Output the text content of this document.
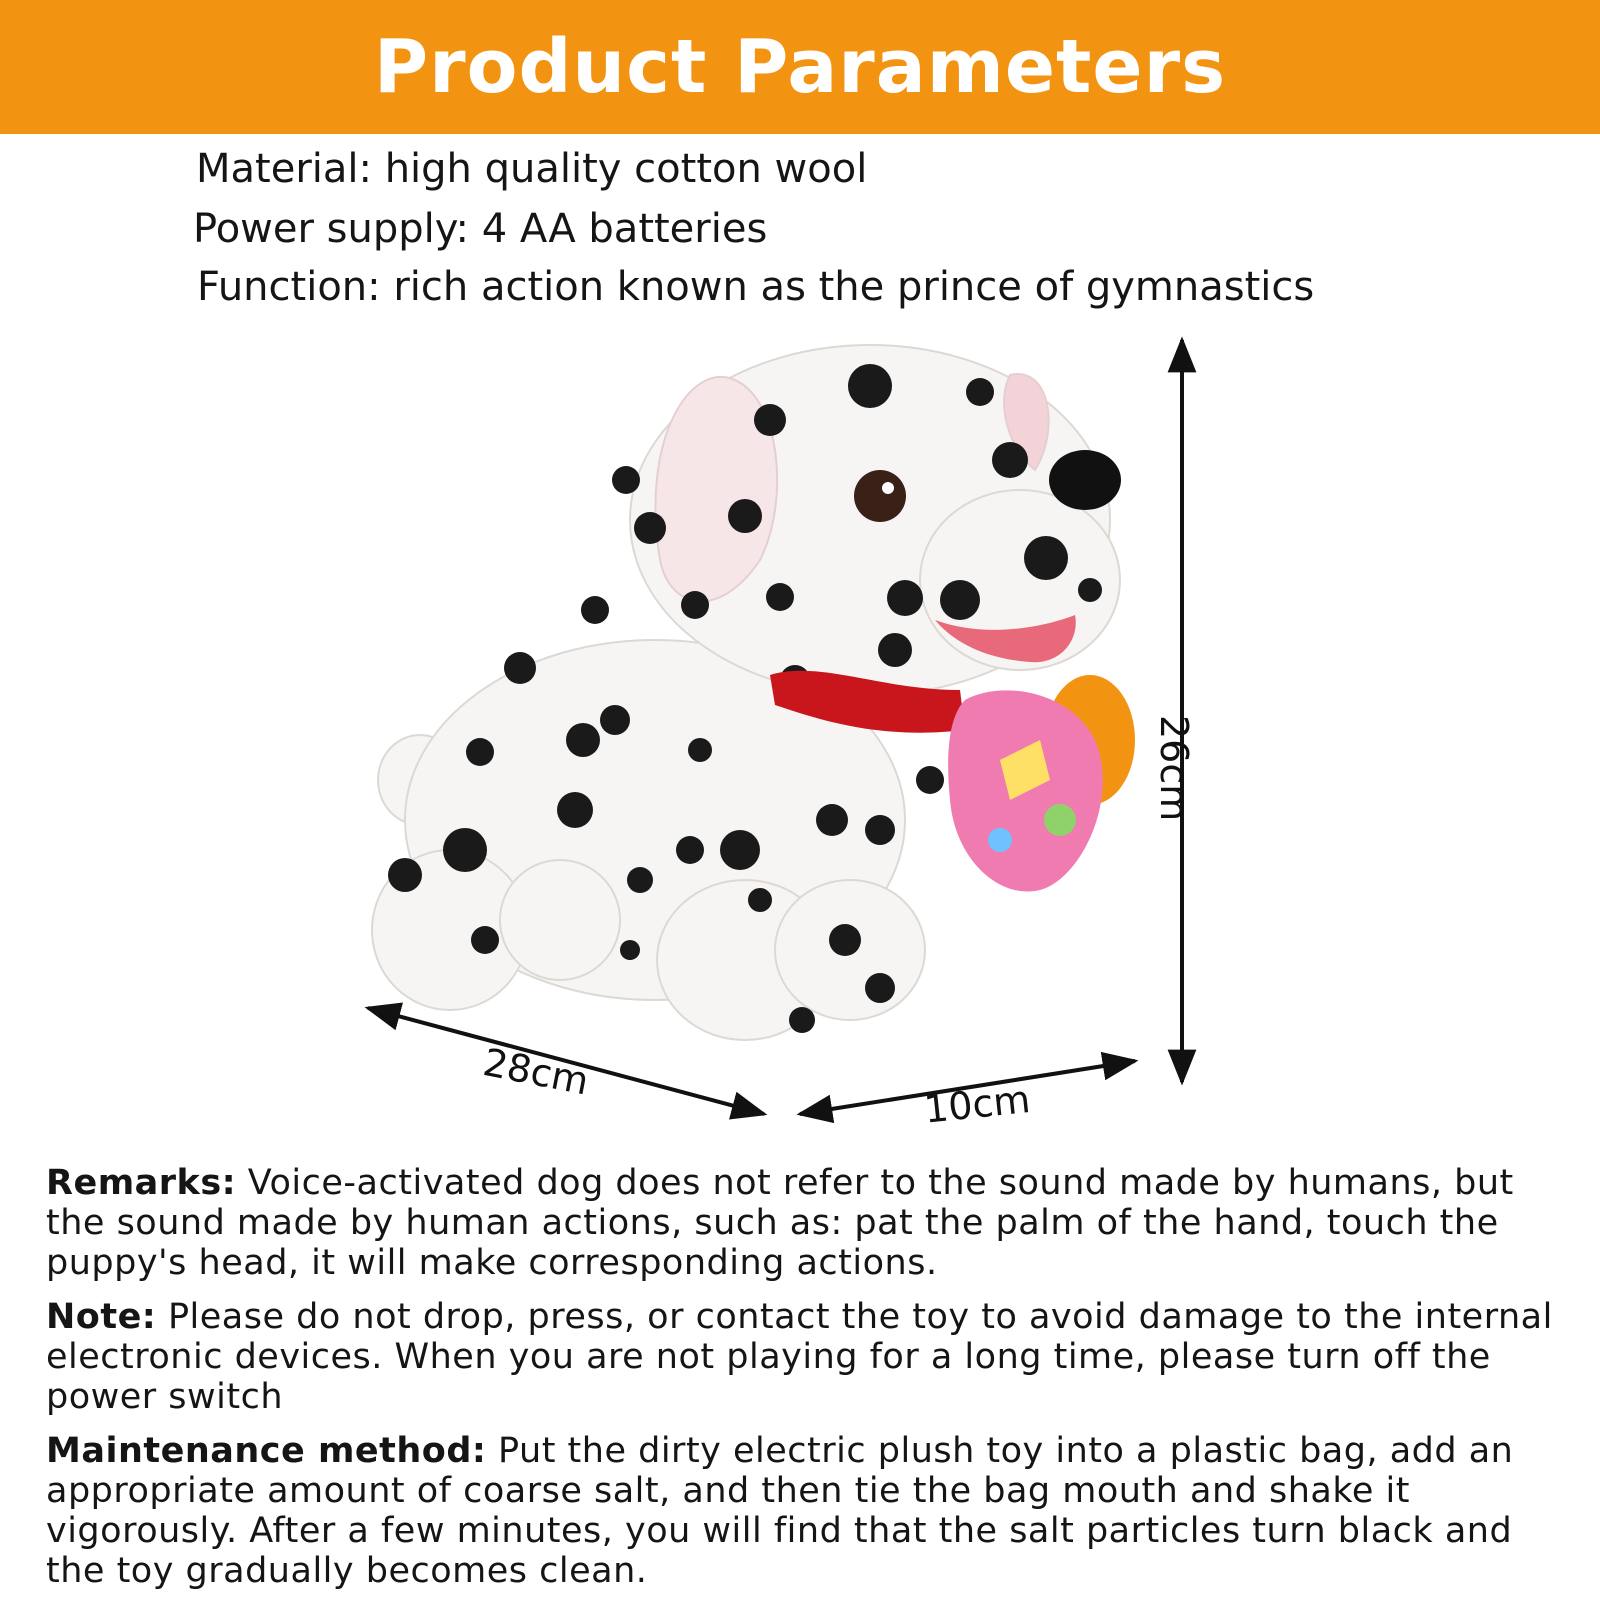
Product Parameters
Material: high quality cotton wool
Power supply: 4 AA batteries
Function: rich action known as the prince of gymnastics
28cm
10cm
26cm

Remarks: Voice-activated dog does not refer to the sound made by humans, but the sound made by human actions, such as: pat the palm of the hand, touch the puppy's head, it will make corresponding actions.

Note: Please do not drop, press, or contact the toy to avoid damage to the internal electronic devices. When you are not playing for a long time, please turn off the power switch

Maintenance method: Put the dirty electric plush toy into a plastic bag, add an appropriate amount of coarse salt, and then tie the bag mouth and shake it vigorously. After a few minutes, you will find that the salt particles turn black and the toy gradually becomes clean.
